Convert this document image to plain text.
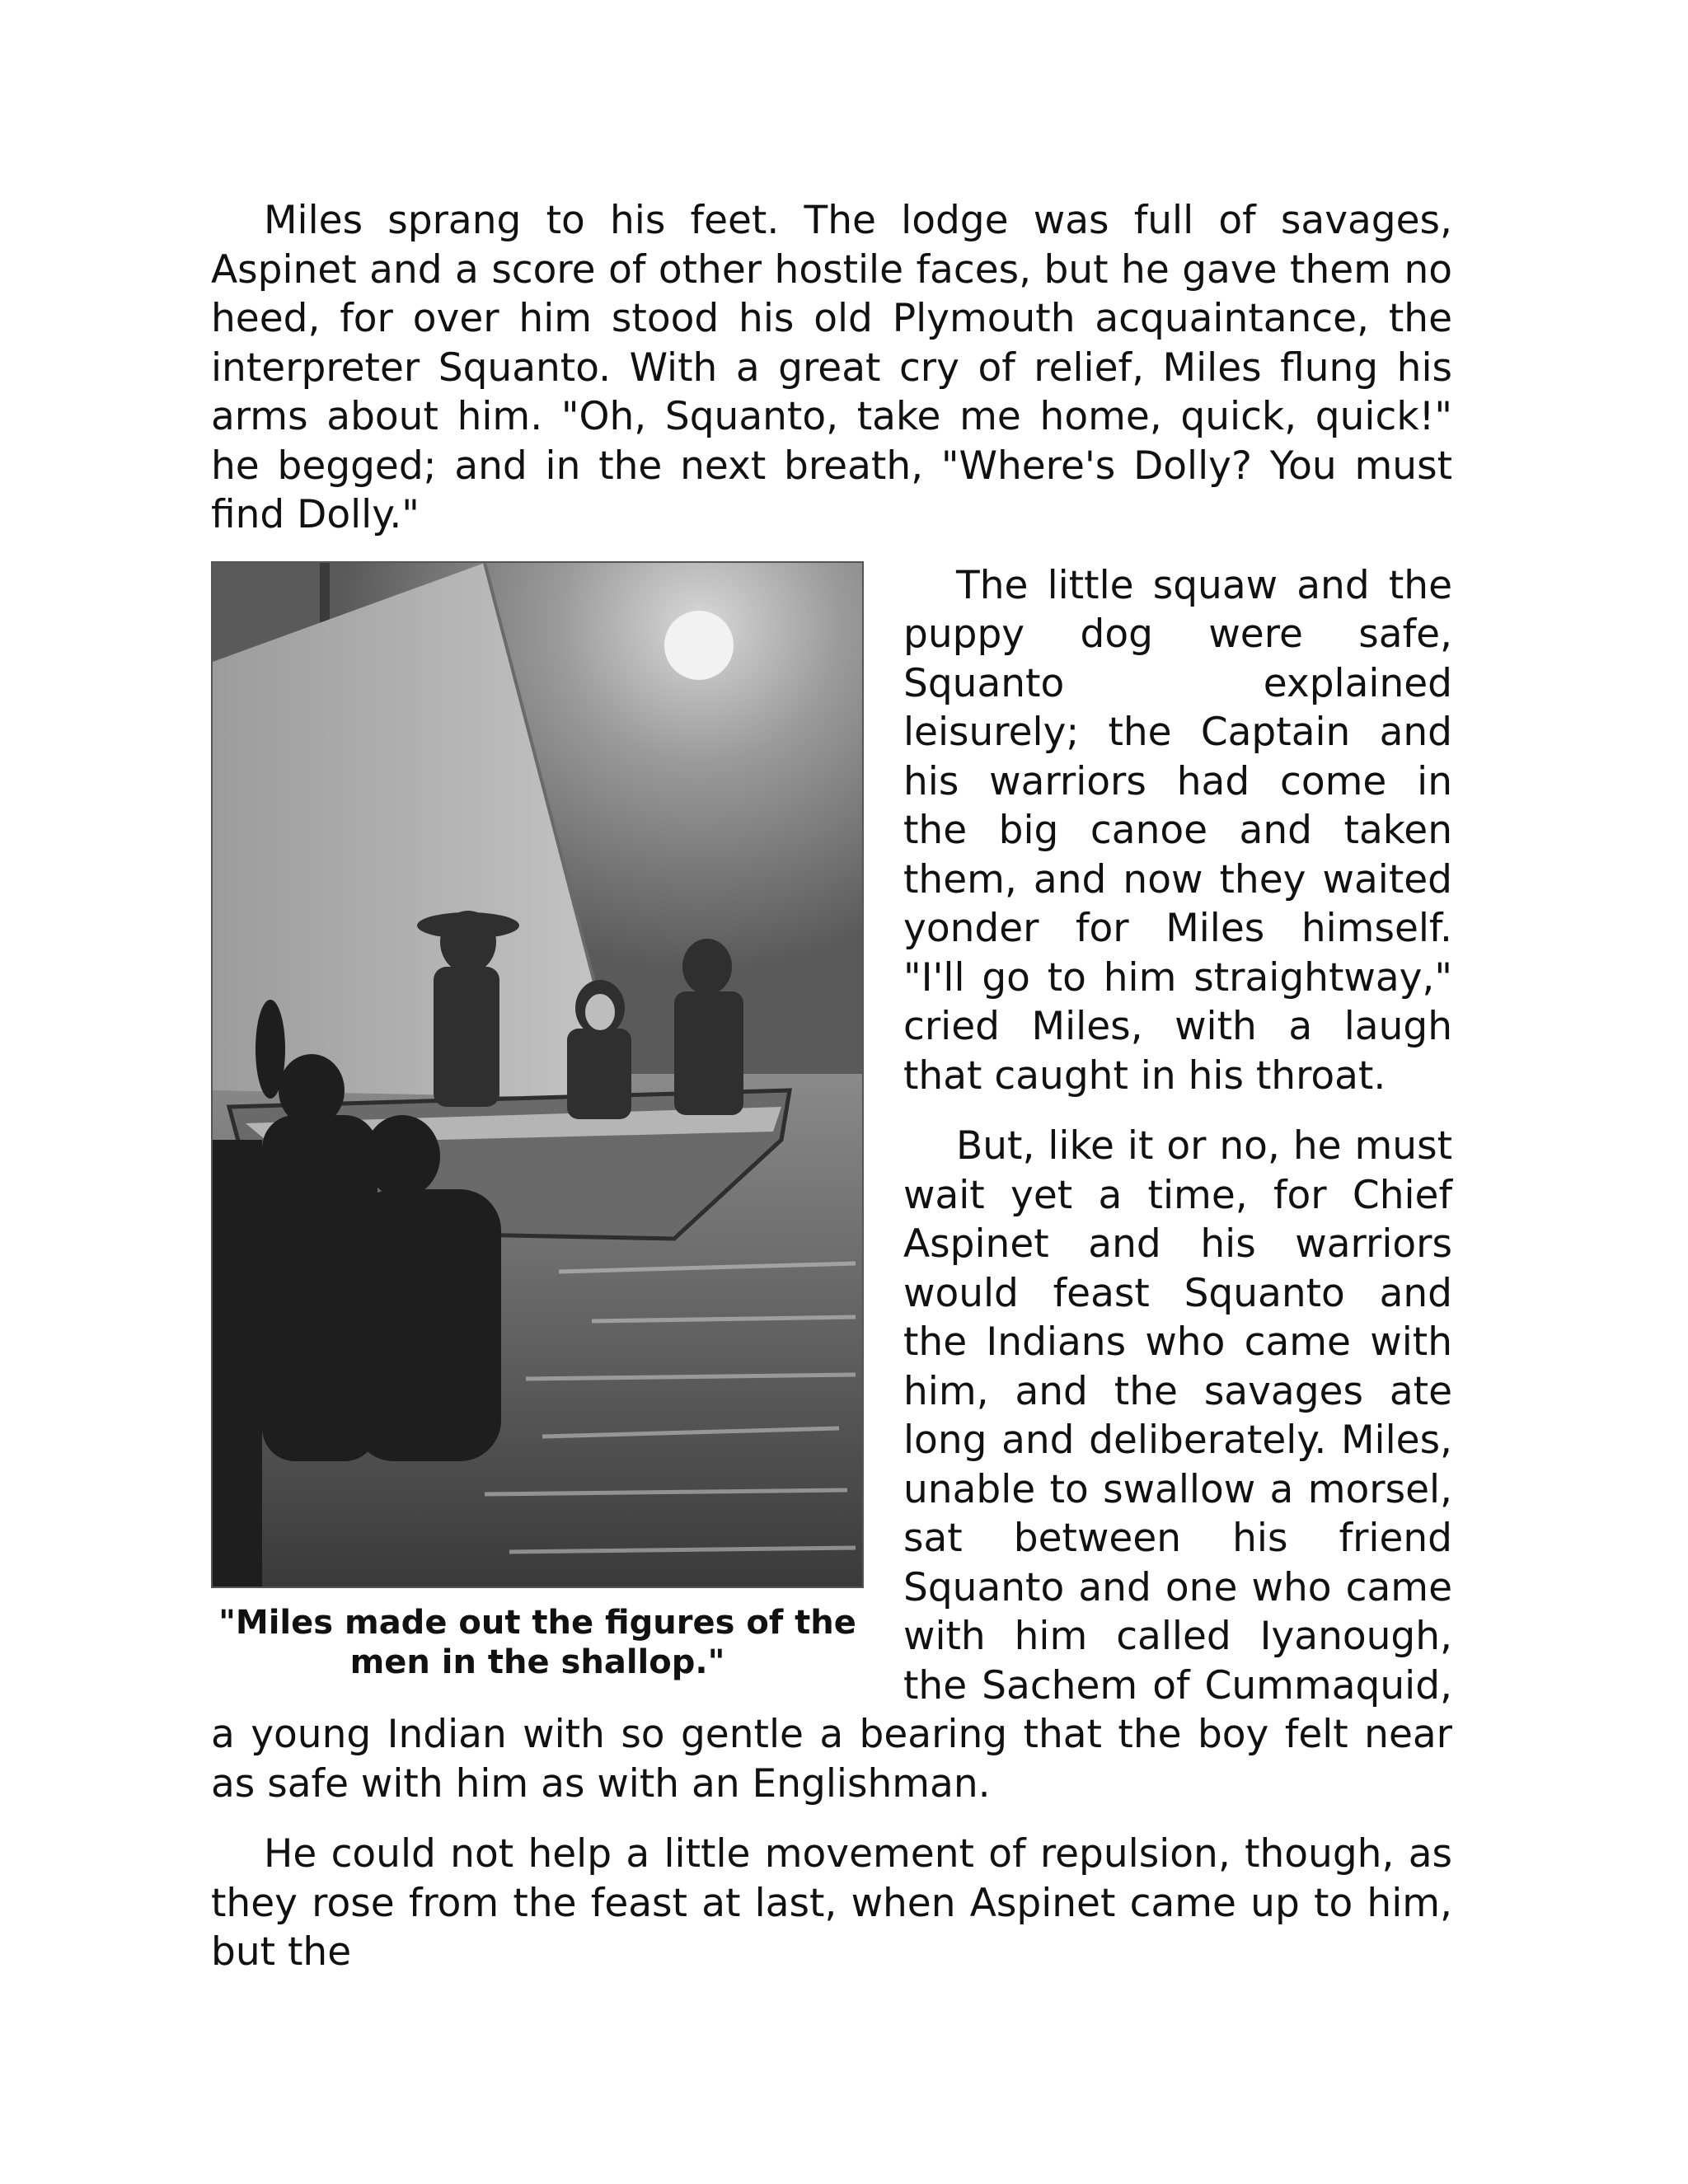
Miles sprang to his feet. The lodge was full of savages, Aspinet and a score of other hostile faces, but he gave them no heed, for over him stood his old Plymouth acquaintance, the interpreter Squanto. With a great cry of relief, Miles flung his arms about him. "Oh, Squanto, take me home, quick, quick!" he begged; and in the next breath, "Where's Dolly? You must find Dolly."

"Miles made out the figures of the
men in the shallop."

The little squaw and the puppy dog were safe, Squanto explained leisurely; the Captain and his warriors had come in the big canoe and taken them, and now they waited yonder for Miles himself. "I'll go to him straightway," cried Miles, with a laugh that caught in his throat.

But, like it or no, he must wait yet a time, for Chief Aspinet and his warriors would feast Squanto and the Indians who came with him, and the savages ate long and deliberately. Miles, unable to swallow a morsel, sat between his friend Squanto and one who came with him called Iyanough, the Sachem of Cummaquid, a young Indian with so gentle a bearing that the boy felt near as safe with him as with an Englishman.

He could not help a little movement of repulsion, though, as they rose from the feast at last, when Aspinet came up to him, but the
